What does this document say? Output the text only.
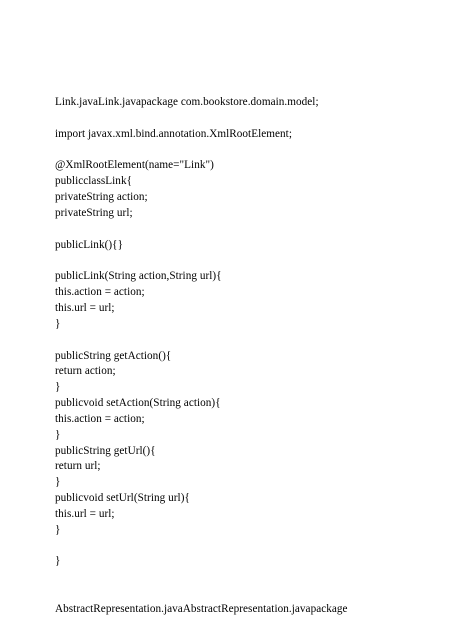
Link.javaLink.javapackage com.bookstore.domain.model;
import javax.xml.bind.annotation.XmlRootElement;
@XmlRootElement(name="Link")
publicclassLink{
privateString action;
privateString url;
publicLink(){}
publicLink(String action,String url){
this.action = action;
this.url = url;
}
publicString getAction(){
return action;
}
publicvoid setAction(String action){
this.action = action;
}
publicString getUrl(){
return url;
}
publicvoid setUrl(String url){
this.url = url;
}
}
AbstractRepresentation.javaAbstractRepresentation.javapackage
